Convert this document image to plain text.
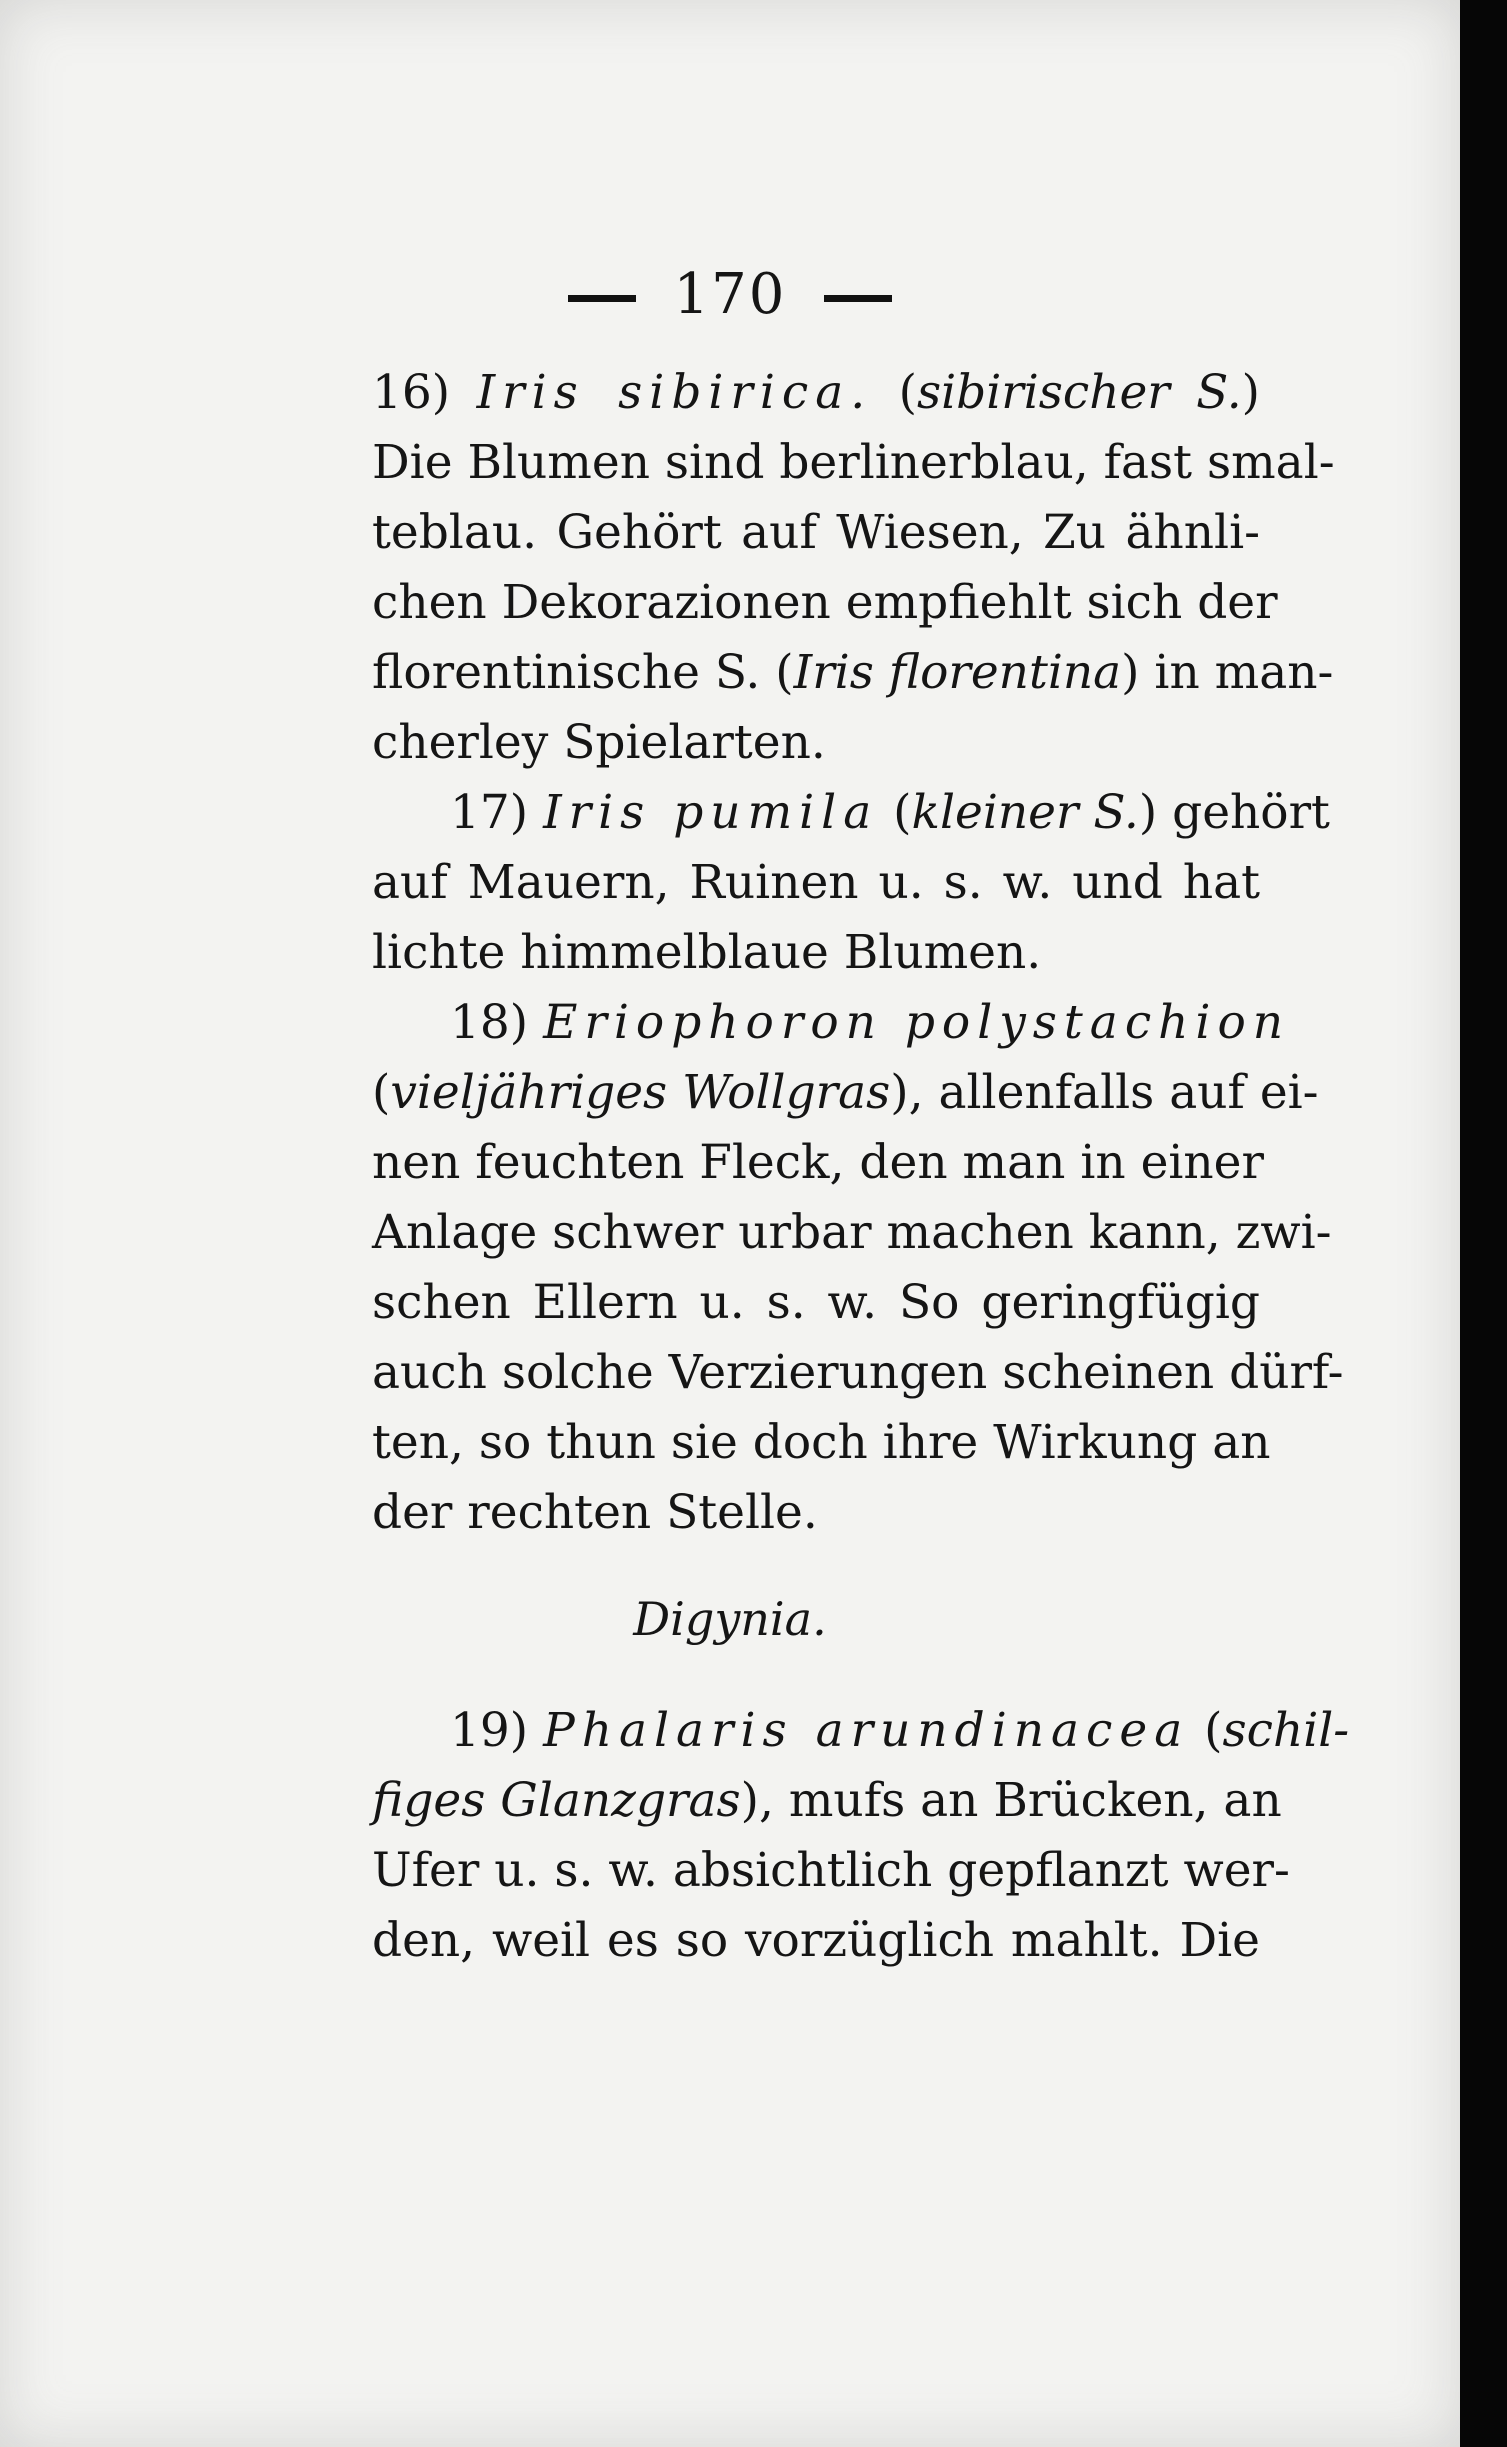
170
16) Iris sibirica. (sibirischer S.)
Die Blumen sind berlinerblau, fast smal-
teblau. Gehört auf Wiesen, Zu ähnli-
chen Dekorazionen empfiehlt sich der
florentinische S. (Iris florentina) in man-
cherley Spielarten.
17) Iris pumila (kleiner S.) gehört
auf Mauern, Ruinen u. s. w. und hat
lichte himmelblaue Blumen.
18) Eriophoron polystachion
(vieljähriges Wollgras), allenfalls auf ei-
nen feuchten Fleck, den man in einer
Anlage schwer urbar machen kann, zwi-
schen Ellern u. s. w. So geringfügig
auch solche Verzierungen scheinen dürf-
ten, so thun sie doch ihre Wirkung an
der rechten Stelle.
Digynia.
19) Phalaris arundinacea (schil-
figes Glanzgras), mufs an Brücken, an
Ufer u. s. w. absichtlich gepflanzt wer-
den, weil es so vorzüglich mahlt. Die
